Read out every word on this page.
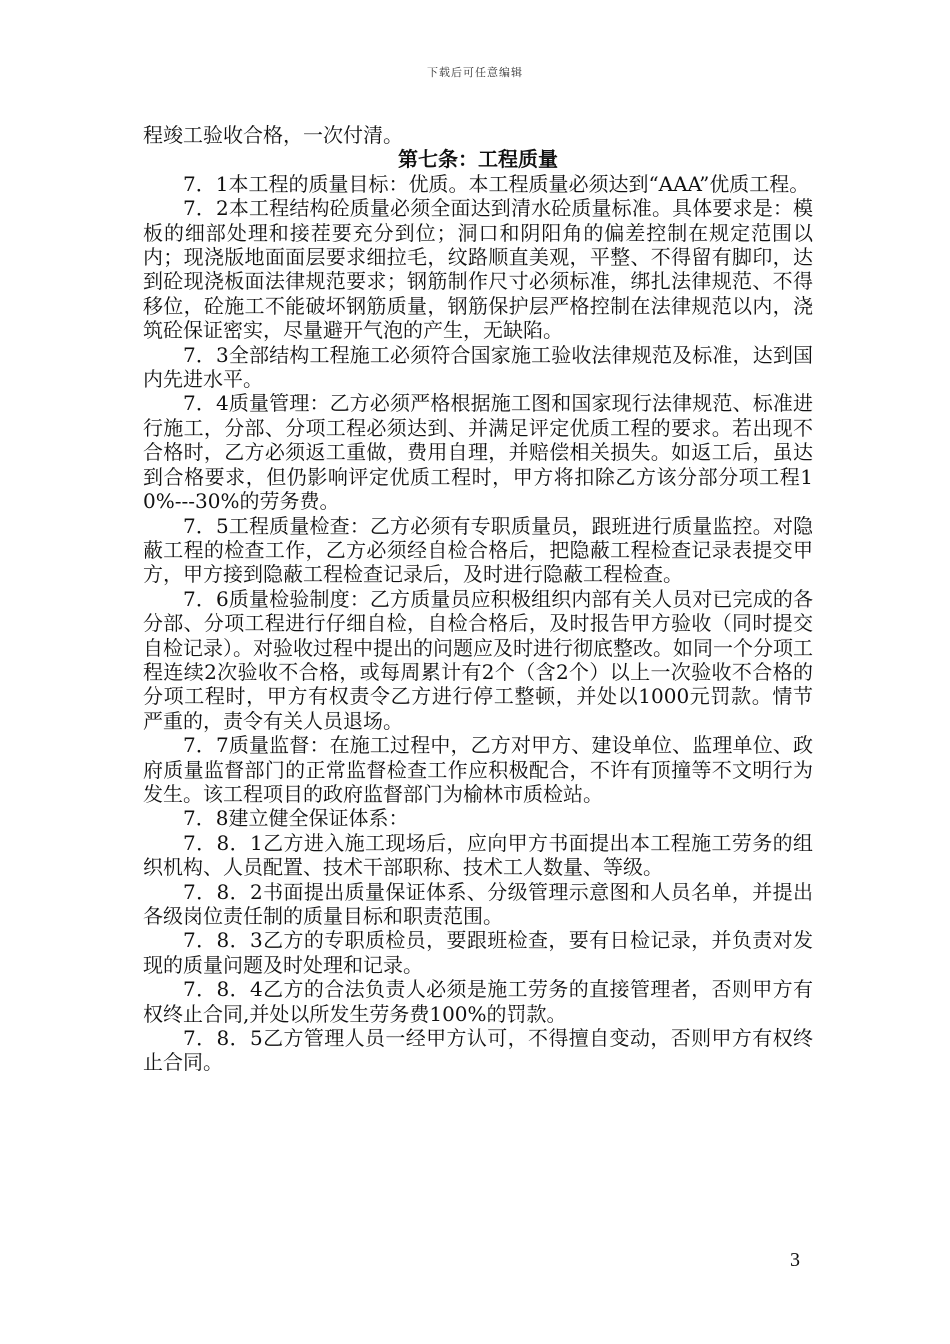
下载后可任意编辑

程竣工验收合格，一次付清。

第七条：工程质量

7．1本工程的质量目标：优质。本工程质量必须达到“AAA”优质工程。

7．2本工程结构砼质量必须全面达到清水砼质量标准。具体要求是：模板的细部处理和接茬要充分到位；洞口和阴阳角的偏差控制在规定范围以内；现浇版地面面层要求细拉毛，纹路顺直美观，平整、不得留有脚印，达到砼现浇板面法律规范要求；钢筋制作尺寸必须标准，绑扎法律规范、不得移位，砼施工不能破坏钢筋质量，钢筋保护层严格控制在法律规范以内，浇筑砼保证密实，尽量避开气泡的产生，无缺陷。

7．3全部结构工程施工必须符合国家施工验收法律规范及标准，达到国内先进水平。

7．4质量管理：乙方必须严格根据施工图和国家现行法律规范、标准进行施工，分部、分项工程必须达到、并满足评定优质工程的要求。若出现不合格时，乙方必须返工重做，费用自理，并赔偿相关损失。如返工后，虽达到合格要求，但仍影响评定优质工程时，甲方将扣除乙方该分部分项工程10%---30%的劳务费。

7．5工程质量检查：乙方必须有专职质量员，跟班进行质量监控。对隐蔽工程的检查工作，乙方必须经自检合格后，把隐蔽工程检查记录表提交甲方，甲方接到隐蔽工程检查记录后，及时进行隐蔽工程检查。

7．6质量检验制度：乙方质量员应积极组织内部有关人员对已完成的各分部、分项工程进行仔细自检，自检合格后，及时报告甲方验收（同时提交自检记录）。对验收过程中提出的问题应及时进行彻底整改。如同一个分项工程连续2次验收不合格，或每周累计有2个（含2个）以上一次验收不合格的分项工程时，甲方有权责令乙方进行停工整顿，并处以1000元罚款。情节严重的，责令有关人员退场。

7．7质量监督：在施工过程中，乙方对甲方、建设单位、监理单位、政府质量监督部门的正常监督检查工作应积极配合，不许有顶撞等不文明行为发生。该工程项目的政府监督部门为榆林市质检站。

7．8建立健全保证体系：

7．8．1乙方进入施工现场后，应向甲方书面提出本工程施工劳务的组织机构、人员配置、技术干部职称、技术工人数量、等级。

7．8．2书面提出质量保证体系、分级管理示意图和人员名单，并提出各级岗位责任制的质量目标和职责范围。

7．8．3乙方的专职质检员，要跟班检查，要有日检记录，并负责对发现的质量问题及时处理和记录。

7．8．4乙方的合法负责人必须是施工劳务的直接管理者，否则甲方有权终止合同,并处以所发生劳务费100%的罚款。

7．8．5乙方管理人员一经甲方认可，不得擅自变动，否则甲方有权终止合同。

3
